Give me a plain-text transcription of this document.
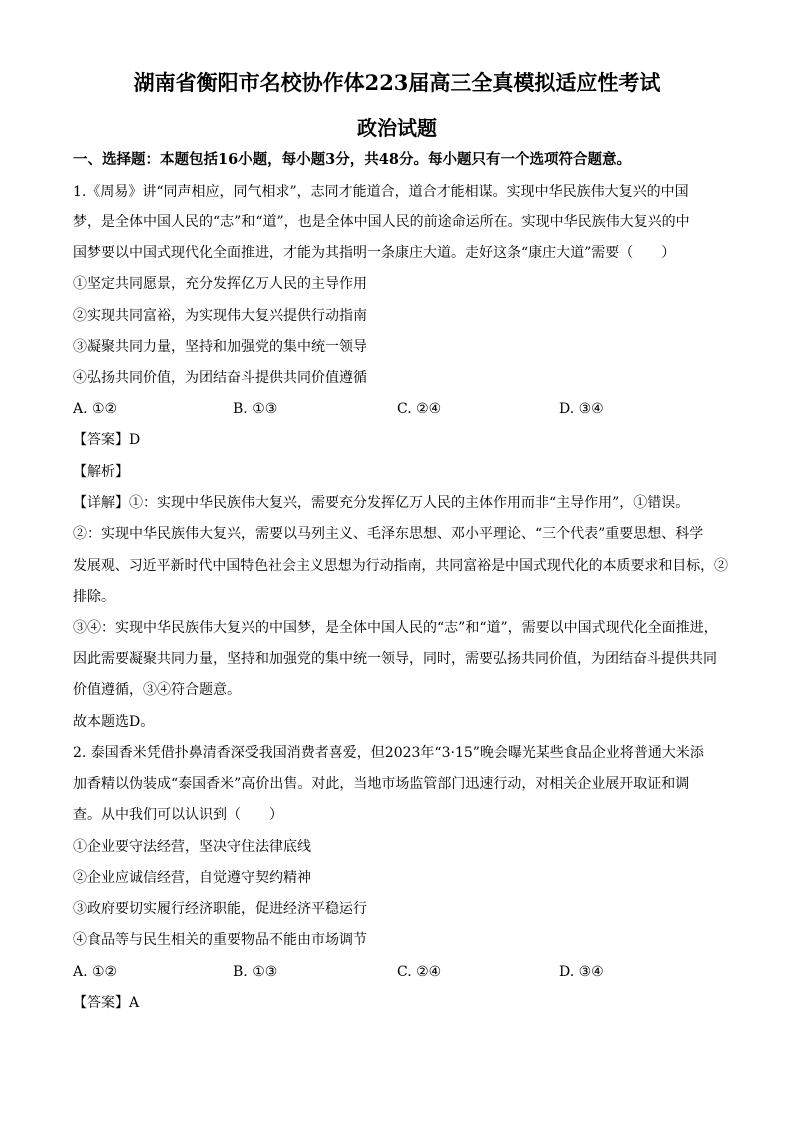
湖南省衡阳市名校协作体223届高三全真模拟适应性考试
政治试题
一、选择题：本题包括16小题，每小题3分，共48分。每小题只有一个选项符合题意。
1.《周易》讲“同声相应，同气相求”，志同才能道合，道合才能相谋。实现中华民族伟大复兴的中国
梦，是全体中国人民的“志”和“道”，也是全体中国人民的前途命运所在。实现中华民族伟大复兴的中
国梦要以中国式现代化全面推进，才能为其指明一条康庄大道。走好这条“康庄大道”需要（　　）
①坚定共同愿景，充分发挥亿万人民的主导作用
②实现共同富裕，为实现伟大复兴提供行动指南
③凝聚共同力量，坚持和加强党的集中统一领导
④弘扬共同价值，为团结奋斗提供共同价值遵循
A. ①②	B. ①③	C. ②④	D. ③④
【答案】D
【解析】
【详解】①：实现中华民族伟大复兴，需要充分发挥亿万人民的主体作用而非“主导作用”，①错误。
②：实现中华民族伟大复兴，需要以马列主义、毛泽东思想、邓小平理论、“三个代表”重要思想、科学
发展观、习近平新时代中国特色社会主义思想为行动指南，共同富裕是中国式现代化的本质要求和目标，②
排除。
③④：实现中华民族伟大复兴的中国梦，是全体中国人民的“志”和“道”，需要以中国式现代化全面推进，
因此需要凝聚共同力量，坚持和加强党的集中统一领导，同时，需要弘扬共同价值，为团结奋斗提供共同
价值遵循，③④符合题意。
故本题选D。
2. 泰国香米凭借扑鼻清香深受我国消费者喜爱，但2023年“3·15”晚会曝光某些食品企业将普通大米添
加香精以伪装成“泰国香米”高价出售。对此，当地市场监管部门迅速行动，对相关企业展开取证和调
查。从中我们可以认识到（　　）
①企业要守法经营，坚决守住法律底线
②企业应诚信经营，自觉遵守契约精神
③政府要切实履行经济职能，促进经济平稳运行
④食品等与民生相关的重要物品不能由市场调节
A. ①②	B. ①③	C. ②④	D. ③④
【答案】A
